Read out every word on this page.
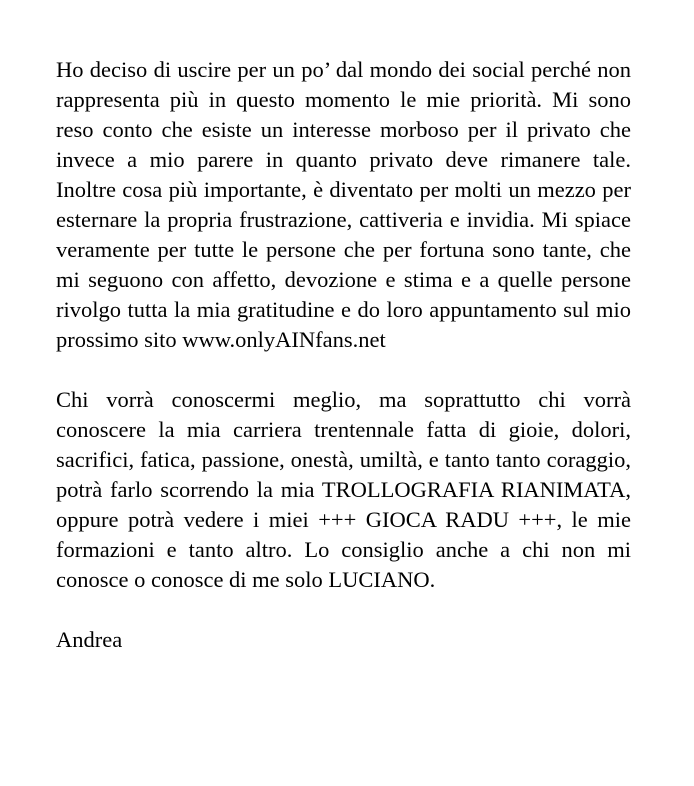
Ho deciso di uscire per un po’ dal mondo dei social perché non rappresenta più in questo momento le mie priorità. Mi sono reso conto che esiste un interesse morboso per il privato che invece a mio parere in quanto privato deve rimanere tale. Inoltre cosa più importante, è diventato per molti un mezzo per esternare la propria frustrazione, cattiveria e invidia. Mi spiace veramente per tutte le persone che per fortuna sono tante, che mi seguono con affetto, devozione e stima e a quelle persone rivolgo tutta la mia gratitudine e do loro appuntamento sul mio prossimo sito www.onlyAINfans.net

Chi vorrà conoscermi meglio, ma soprattutto chi vorrà conoscere la mia carriera trentennale fatta di gioie, dolori, sacrifici, fatica, passione, onestà, umiltà, e tanto tanto coraggio, potrà farlo scorrendo la mia TROLLOGRAFIA RIANIMATA, oppure potrà vedere i miei +++ GIOCA RADU +++, le mie formazioni e tanto altro. Lo consiglio anche a chi non mi conosce o conosce di me solo LUCIANO.

Andrea
